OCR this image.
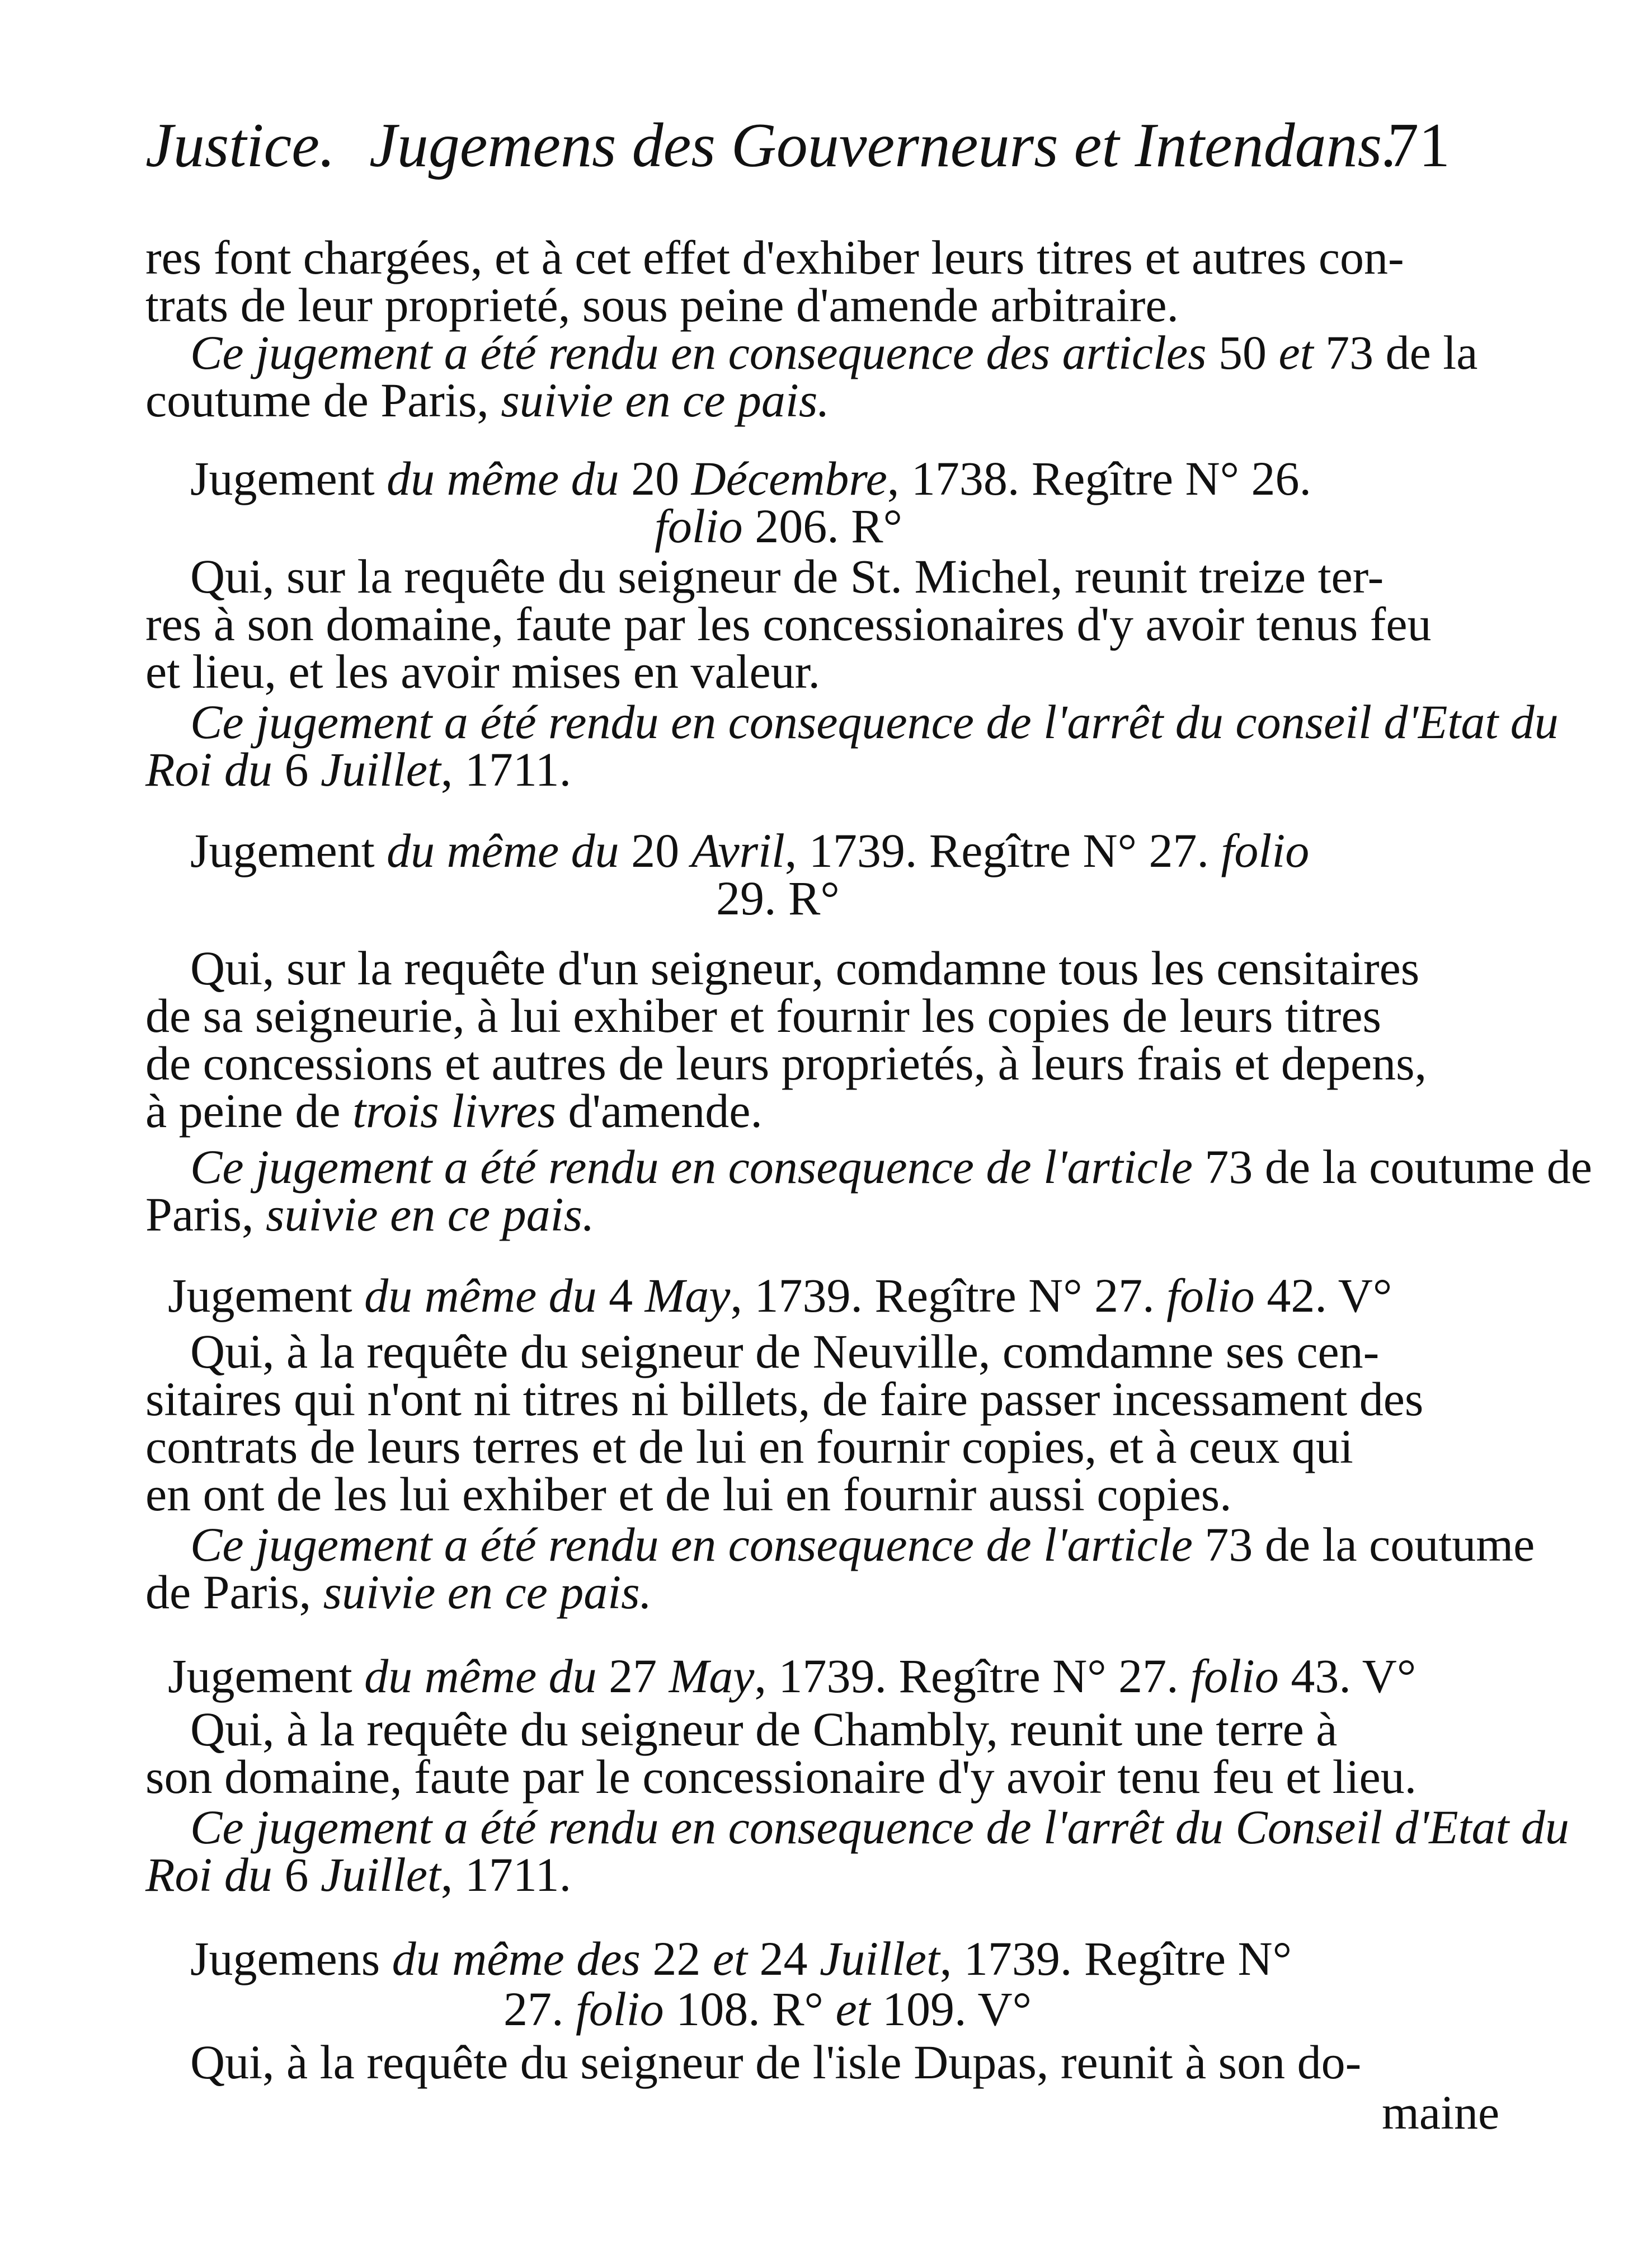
Justice. Jugemens des Gouverneurs et Intendans.
71
res font chargées, et à cet effet d'exhiber leurs titres et autres con-
trats de leur proprieté, sous peine d'amende arbitraire.
Ce jugement a été rendu en consequence des articles 50 et 73 de la
coutume de Paris, suivie en ce pais.
Jugement du même du 20 Décembre, 1738. Regître N° 26.
folio 206. R°
Qui, sur la requête du seigneur de St. Michel, reunit treize ter-
res à son domaine, faute par les concessionaires d'y avoir tenus feu
et lieu, et les avoir mises en valeur.
Ce jugement a été rendu en consequence de l'arrêt du conseil d'Etat du
Roi du 6 Juillet, 1711.
Jugement du même du 20 Avril, 1739. Regître N° 27. folio
29. R°
Qui, sur la requête d'un seigneur, comdamne tous les censitaires
de sa seigneurie, à lui exhiber et fournir les copies de leurs titres
de concessions et autres de leurs proprietés, à leurs frais et depens,
à peine de trois livres d'amende.
Ce jugement a été rendu en consequence de l'article 73 de la coutume de
Paris, suivie en ce pais.
Jugement du même du 4 May, 1739. Regître N° 27. folio 42. V°
Qui, à la requête du seigneur de Neuville, comdamne ses cen-
sitaires qui n'ont ni titres ni billets, de faire passer incessament des
contrats de leurs terres et de lui en fournir copies, et à ceux qui
en ont de les lui exhiber et de lui en fournir aussi copies.
Ce jugement a été rendu en consequence de l'article 73 de la coutume
de Paris, suivie en ce pais.
Jugement du même du 27 May, 1739. Regître N° 27. folio 43. V°
Qui, à la requête du seigneur de Chambly, reunit une terre à
son domaine, faute par le concessionaire d'y avoir tenu feu et lieu.
Ce jugement a été rendu en consequence de l'arrêt du Conseil d'Etat du
Roi du 6 Juillet, 1711.
Jugemens du même des 22 et 24 Juillet, 1739. Regître N°
27. folio 108. R° et 109. V°
Qui, à la requête du seigneur de l'isle Dupas, reunit à son do-
maine
